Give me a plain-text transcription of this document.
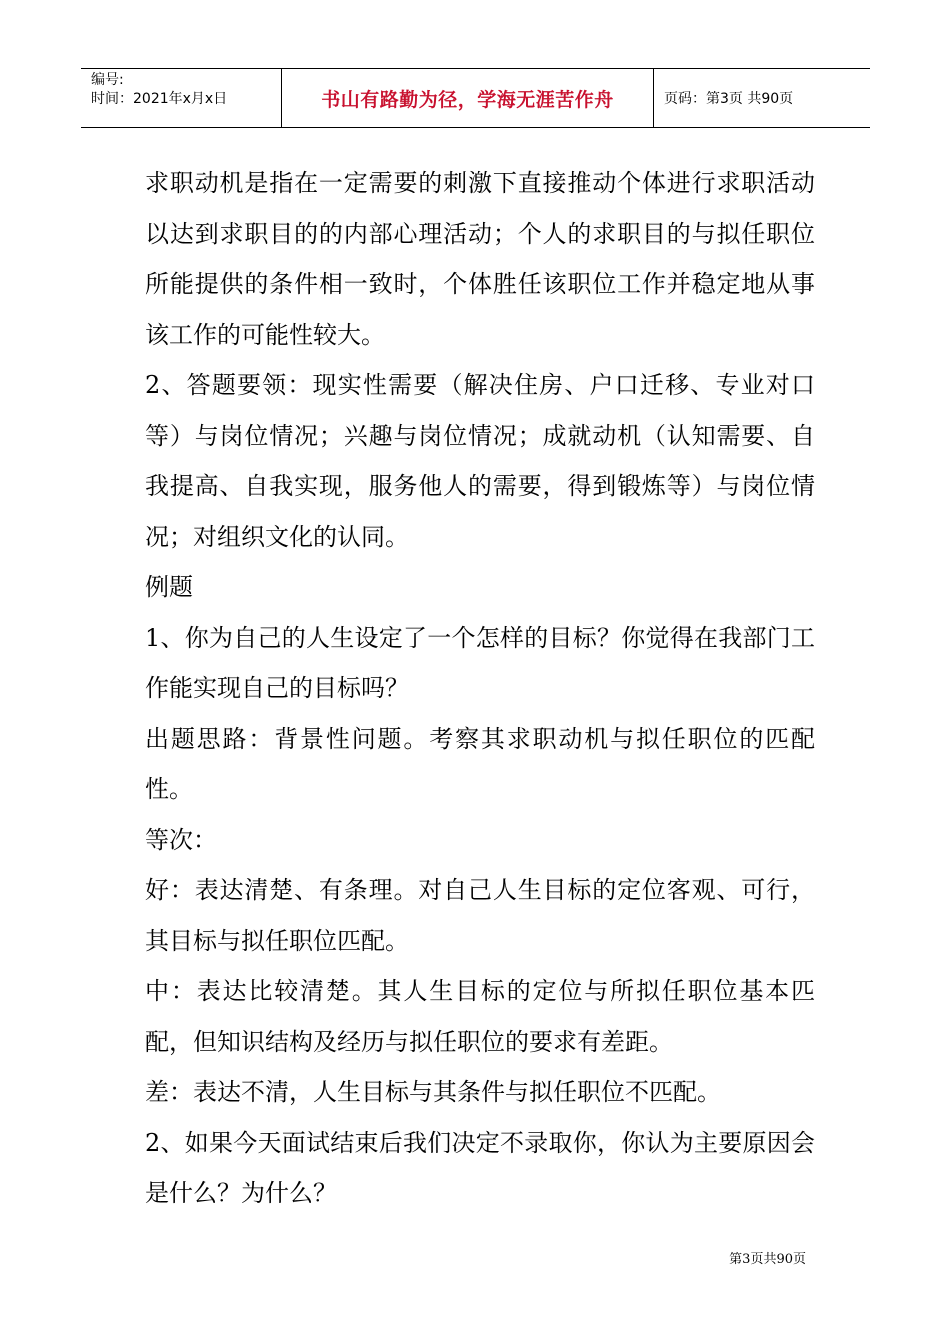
编号:
时间：2021年x月x日	书山有路勤为径，学海无涯苦作舟	页码：第3页 共90页

求职动机是指在一定需要的刺激下直接推动个体进行求职活动以达到求职目的的内部心理活动；个人的求职目的与拟任职位所能提供的条件相一致时，个体胜任该职位工作并稳定地从事该工作的可能性较大。

2、答题要领：现实性需要（解决住房、户口迁移、专业对口等）与岗位情况；兴趣与岗位情况；成就动机（认知需要、自我提高、自我实现，服务他人的需要，得到锻炼等）与岗位情况；对组织文化的认同。

例题

1、你为自己的人生设定了一个怎样的目标？你觉得在我部门工作能实现自己的目标吗？

出题思路：背景性问题。考察其求职动机与拟任职位的匹配性。

等次：

好：表达清楚、有条理。对自己人生目标的定位客观、可行，其目标与拟任职位匹配。

中：表达比较清楚。其人生目标的定位与所拟任职位基本匹配，但知识结构及经历与拟任职位的要求有差距。

差：表达不清，人生目标与其条件与拟任职位不匹配。

2、如果今天面试结束后我们决定不录取你，你认为主要原因会是什么？为什么？

第3页共90页
